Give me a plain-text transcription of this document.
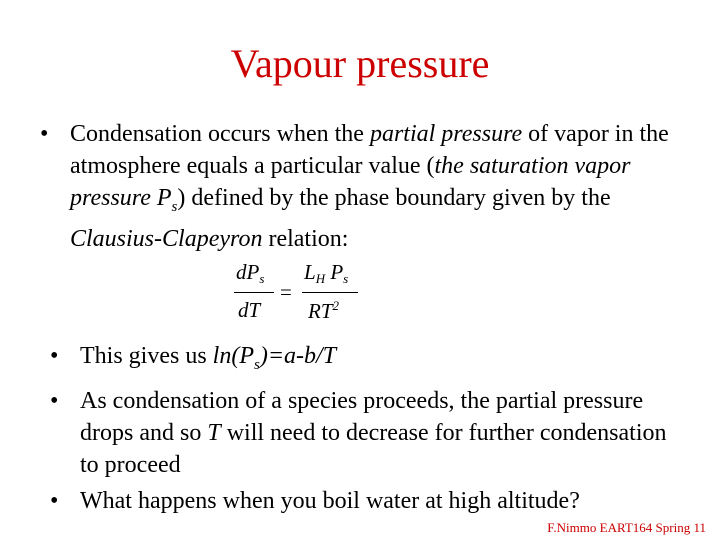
Vapour pressure
• Condensation occurs when the partial pressure of vapor in the atmosphere equals a particular value (the saturation vapor pressure $P_s$) defined by the phase boundary given by the Clausius-Clapeyron relation:
$dP_s$
dT
=
$L_H$ $P_s$
$RT^2$
• This gives us $\ln(P_s)=a-b/T$
• As condensation of a species proceeds, the partial pressure drops and so T will need to decrease for further condensation to proceed
• What happens when you boil water at high altitude?
F.Nimmo EART164 Spring 11
